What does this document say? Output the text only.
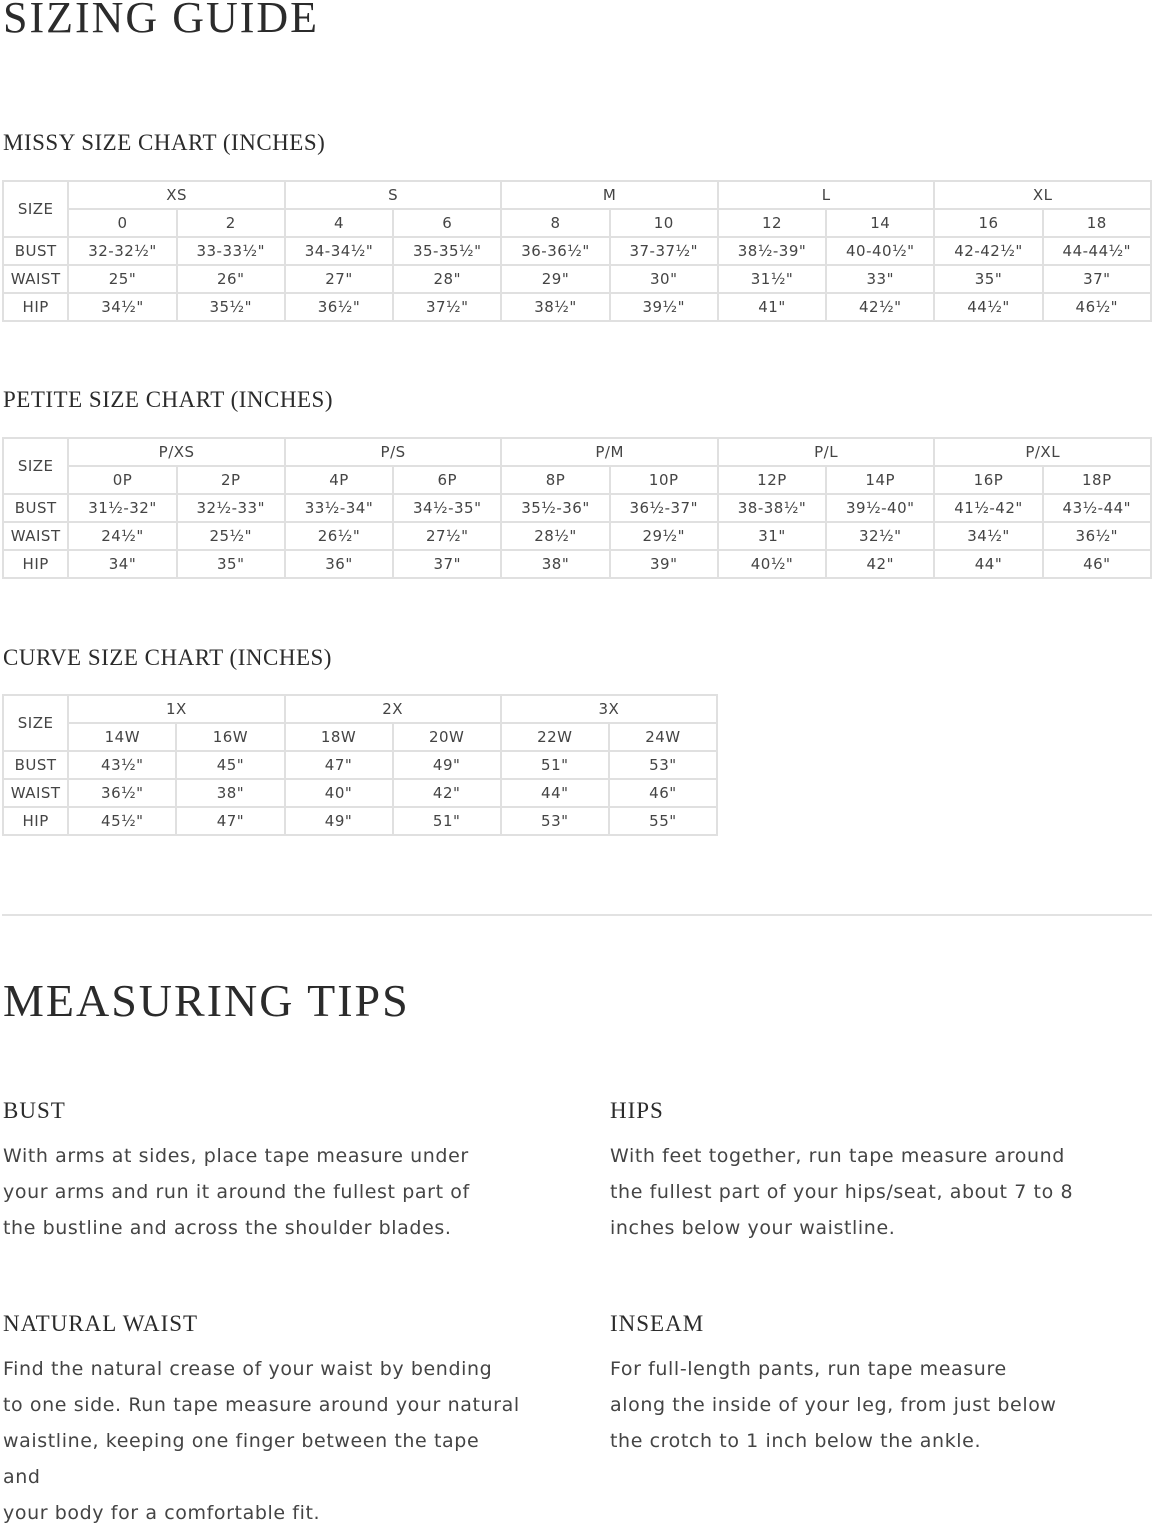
SIZING GUIDE
MISSY SIZE CHART (INCHES)
SIZE	XS		S		M		L		XL	
	0	2	4	6	8	10	12	14	16	18
BUST	32-32½"	33-33½"	34-34½"	35-35½"	36-36½"	37-37½"	38½-39"	40-40½"	42-42½"	44-44½"
WAIST	25"	26"	27"	28"	29"	30"	31½"	33"	35"	37"
HIP	34½"	35½"	36½"	37½"	38½"	39½"	41"	42½"	44½"	46½"
PETITE SIZE CHART (INCHES)
SIZE	P/XS		P/S		P/M		P/L		P/XL	
	0P	2P	4P	6P	8P	10P	12P	14P	16P	18P
BUST	31½-32"	32½-33"	33½-34"	34½-35"	35½-36"	36½-37"	38-38½"	39½-40"	41½-42"	43½-44"
WAIST	24½"	25½"	26½"	27½"	28½"	29½"	31"	32½"	34½"	36½"
HIP	34"	35"	36"	37"	38"	39"	40½"	42"	44"	46"
CURVE SIZE CHART (INCHES)
SIZE	1X		2X		3X	
	14W	16W	18W	20W	22W	24W
BUST	43½"	45"	47"	49"	51"	53"
WAIST	36½"	38"	40"	42"	44"	46"
HIP	45½"	47"	49"	51"	53"	55"
MEASURING TIPS
BUST

With arms at sides, place tape measure under
your arms and run it around the fullest part of
the bustline and across the shoulder blades.

HIPS

With feet together, run tape measure around
the fullest part of your hips/seat, about 7 to 8
inches below your waistline.

NATURAL WAIST

Find the natural crease of your waist by bending
to one side. Run tape measure around your natural
waistline, keeping one finger between the tape and
your body for a comfortable fit.

INSEAM

For full-length pants, run tape measure
along the inside of your leg, from just below
the crotch to 1 inch below the ankle.
